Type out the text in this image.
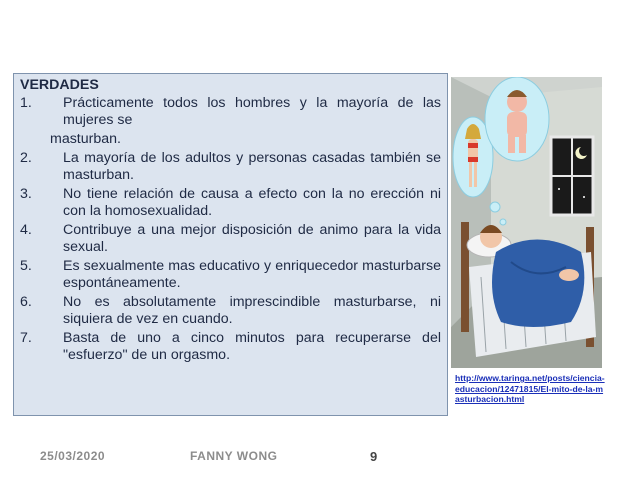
VERDADES
1. Prácticamente todos los hombres y la mayoría de las mujeres se
masturban.
2. La mayoría de los adultos y personas casadas también se masturban.
3. No tiene relación de causa a efecto con la no erección ni con la homosexualidad.
4. Contribuye a una mejor disposición de animo para la vida sexual.
5. Es sexualmente mas educativo y enriquecedor masturbarse espontáneamente.
6. No es absolutamente imprescindible masturbarse, ni siquiera de vez en cuando.
7. Basta de uno a cinco minutos para recuperarse del "esfuerzo" de un orgasmo.
http://www.taringa.net/posts/ciencia-educacion/12471815/El-mito-de-la-masturbacion.html
25/03/2020	FANNY WONG	9
